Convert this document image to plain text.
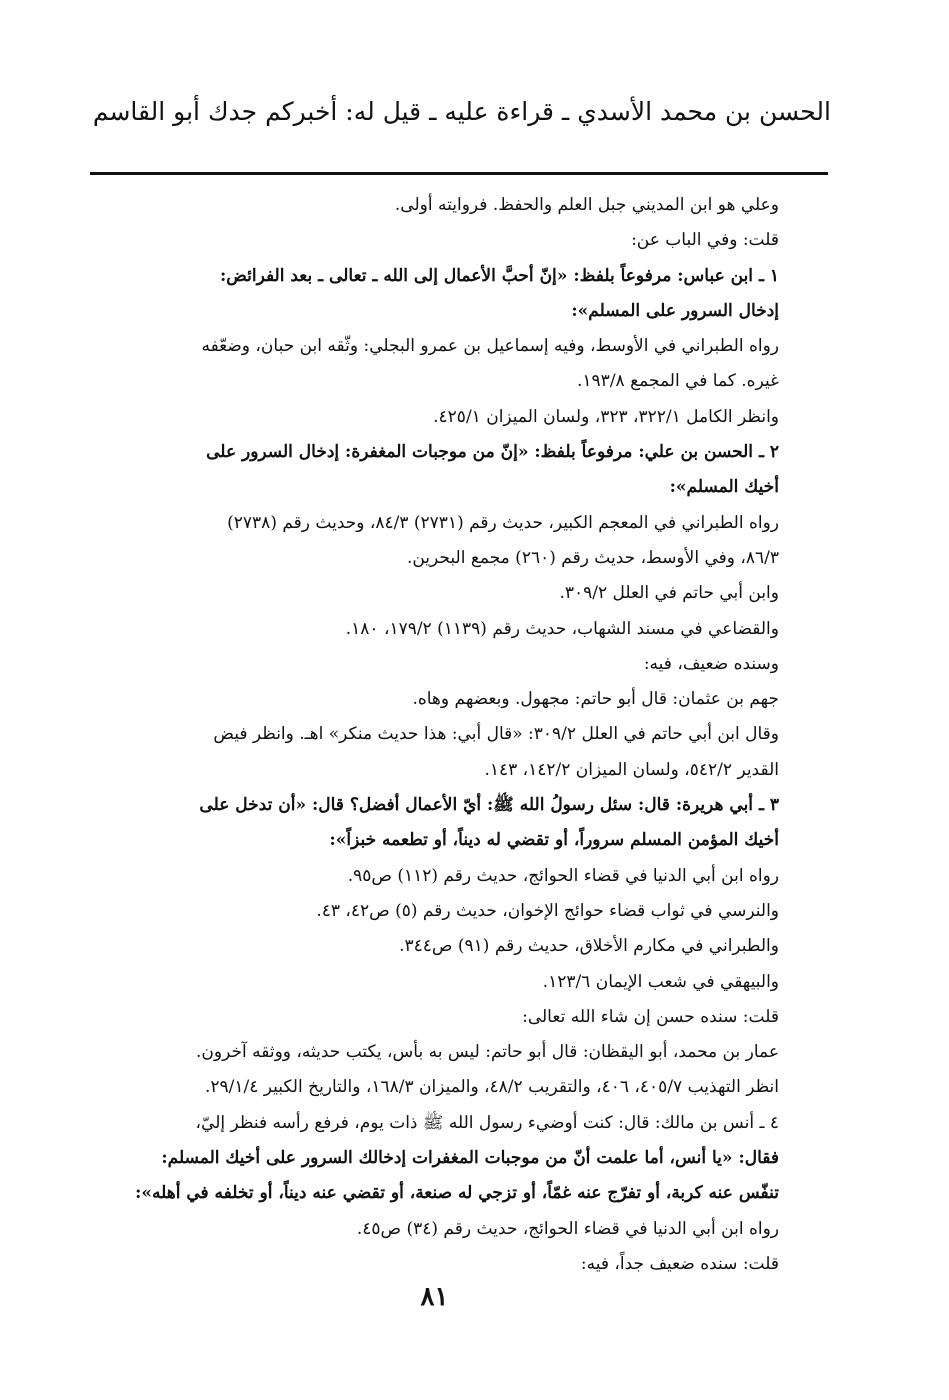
الحسن بن محمد الأسدي ـ قراءة عليه ـ قيل له: أخبركم جدك أبو القاسم
وعلي هو ابن المديني جبل العلم والحفظ. فروايته أولى.
قلت: وفي الباب عن:
١ ـ ابن عباس: مرفوعاً بلفظ: «إنّ أحبَّ الأعمال إلى الله ـ تعالى ـ بعد الفرائض:
إدخال السرور على المسلم»:
رواه الطبراني في الأوسط، وفيه إسماعيل بن عمرو البجلي: وثّقه ابن حبان، وضعّفه
غيره. كما في المجمع ١٩٣/٨.
وانظر الكامل ٣٢٢/١، ٣٢٣، ولسان الميزان ٤٢٥/١.
٢ ـ الحسن بن علي: مرفوعاً بلفظ: «إنّ من موجبات المغفرة: إدخال السرور على
أخيك المسلم»:
رواه الطبراني في المعجم الكبير، حديث رقم (٢٧٣١) ٨٤/٣، وحديث رقم (٢٧٣٨)
٨٦/٣، وفي الأوسط، حديث رقم (٢٦٠) مجمع البحرين.
وابن أبي حاتم في العلل ٣٠٩/٢.
والقضاعي في مسند الشهاب، حديث رقم (١١٣٩) ١٧٩/٢، ١٨٠.
وسنده ضعيف، فيه:
جهم بن عثمان: قال أبو حاتم: مجهول. وبعضهم وهاه.
وقال ابن أبي حاتم في العلل ٣٠٩/٢: «قال أبي: هذا حديث منكر» اهـ. وانظر فيض
القدير ٥٤٢/٢، ولسان الميزان ١٤٢/٢، ١٤٣.
٣ ـ أبي هريرة: قال: سئل رسولُ الله ﷺ: أيّ الأعمال أفضل؟ قال: «أن تدخل على
أخيك المؤمن المسلم سروراً، أو تقضي له ديناً، أو تطعمه خبزاً»:
رواه ابن أبي الدنيا في قضاء الحوائج، حديث رقم (١١٢) ص٩٥.
والنرسي في ثواب قضاء حوائج الإخوان، حديث رقم (٥) ص٤٢، ٤٣.
والطبراني في مكارم الأخلاق، حديث رقم (٩١) ص٣٤٤.
والبيهقي في شعب الإيمان ١٢٣/٦.
قلت: سنده حسن إن شاء الله تعالى:
عمار بن محمد، أبو اليقظان: قال أبو حاتم: ليس به بأس، يكتب حديثه، ووثقه آخرون.
انظر التهذيب ٤٠٥/٧، ٤٠٦، والتقريب ٤٨/٢، والميزان ١٦٨/٣، والتاريخ الكبير ٢٩/١/٤.
٤ ـ أنس بن مالك: قال: كنت أوضيء رسول الله ﷺ ذات يوم، فرفع رأسه فنظر إليّ،
فقال: «يا أنس، أما علمت أنّ من موجبات المغفرات إدخالك السرور على أخيك المسلم:
تنفّس عنه كربة، أو تفرّج عنه غمّاً، أو تزجي له صنعة، أو تقضي عنه ديناً، أو تخلفه في أهله»:
رواه ابن أبي الدنيا في قضاء الحوائج، حديث رقم (٣٤) ص٤٥.
قلت: سنده ضعيف جداً، فيه:
٨١
